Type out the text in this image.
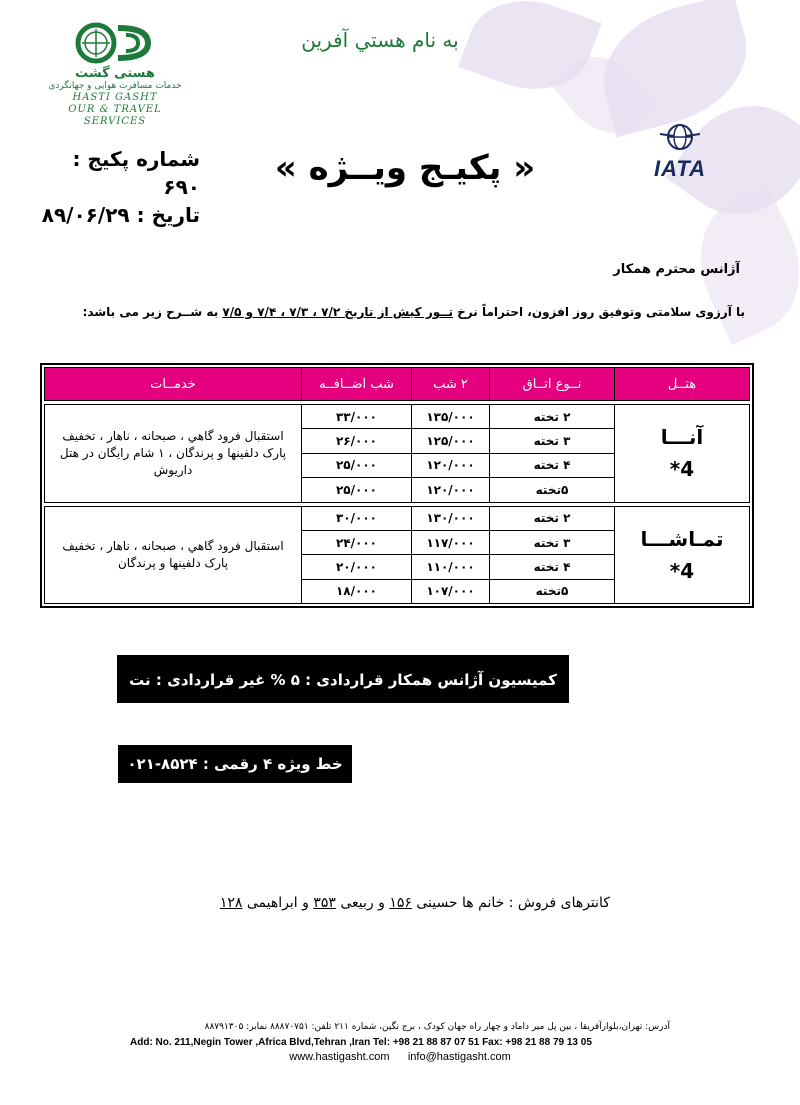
هستی گشت
خدمات مسافرت هوایی و جهانگردی
HASTI GASHT
OUR & TRAVEL SERVICES
به نام هستي آفرين
شماره پکیج : ۶۹۰
تاریخ : ۸۹/۰۶/۲۹
« پکیـج ویــژه »	IATA
آژانس محترم همکار
با آرزوی سلامتی وتوفیق روز افزون، احتراماً نرخ تــور کیش از تاریخ ۷/۲ ، ۷/۳ ، ۷/۴ و ۷/۵ به شــرح زیر می باشد:
هتــل	نــوع اتــاق	۲ شب	شب اضــافــه	خدمــات

آنـــا
4*	۲ تخته	۱۳۵/۰۰۰	۳۳/۰۰۰	استقبال فرود گاهي ، صبحانه ، ناهار ، تخفيف پارک دلفينها و پرندگان ، ۱ شام رايگان در هتل داريوش
	۳ تخته	۱۲۵/۰۰۰	۲۶/۰۰۰	
	۴ تخته	۱۲۰/۰۰۰	۲۵/۰۰۰	
	۵تخته	۱۲۰/۰۰۰	۲۵/۰۰۰	

تمـاشـــا
4*	۲ تخته	۱۳۰/۰۰۰	۳۰/۰۰۰	استقبال فرود گاهي ، صبحانه ، ناهار ، تخفيف پارک دلفينها و پرندگان
	۳ تخته	۱۱۷/۰۰۰	۲۴/۰۰۰	
	۴ تخته	۱۱۰/۰۰۰	۲۰/۰۰۰	
	۵تخته	۱۰۷/۰۰۰	۱۸/۰۰۰	
کمیسیون آژانس همکار قراردادی : ۵ % غیر قراردادی : نت
خط ویژه ۴ رقمی : ۸۵۲۴-۰۲۱
کانترهای فروش : خانم ها حسینی ۱۵۶ و ربیعی ۳۵۳ و ابراهیمی ۱۲۸
آدرس: تهران،بلوارآفریقا ، بین پل میر داماد و چهار راه جهان کودک ، برج نگین، شماره ۲۱۱ تلفن: ۸۸۸۷۰۷۵۱ نمابر: ۸۸۷۹۱۳۰۵
Add: No. 211,Negin Tower ,Africa Blvd,Tehran ,Iran Tel: +98 21 88 87 07 51 Fax: +98 21 88 79 13 05
www.hastigasht.com info@hastigasht.com
